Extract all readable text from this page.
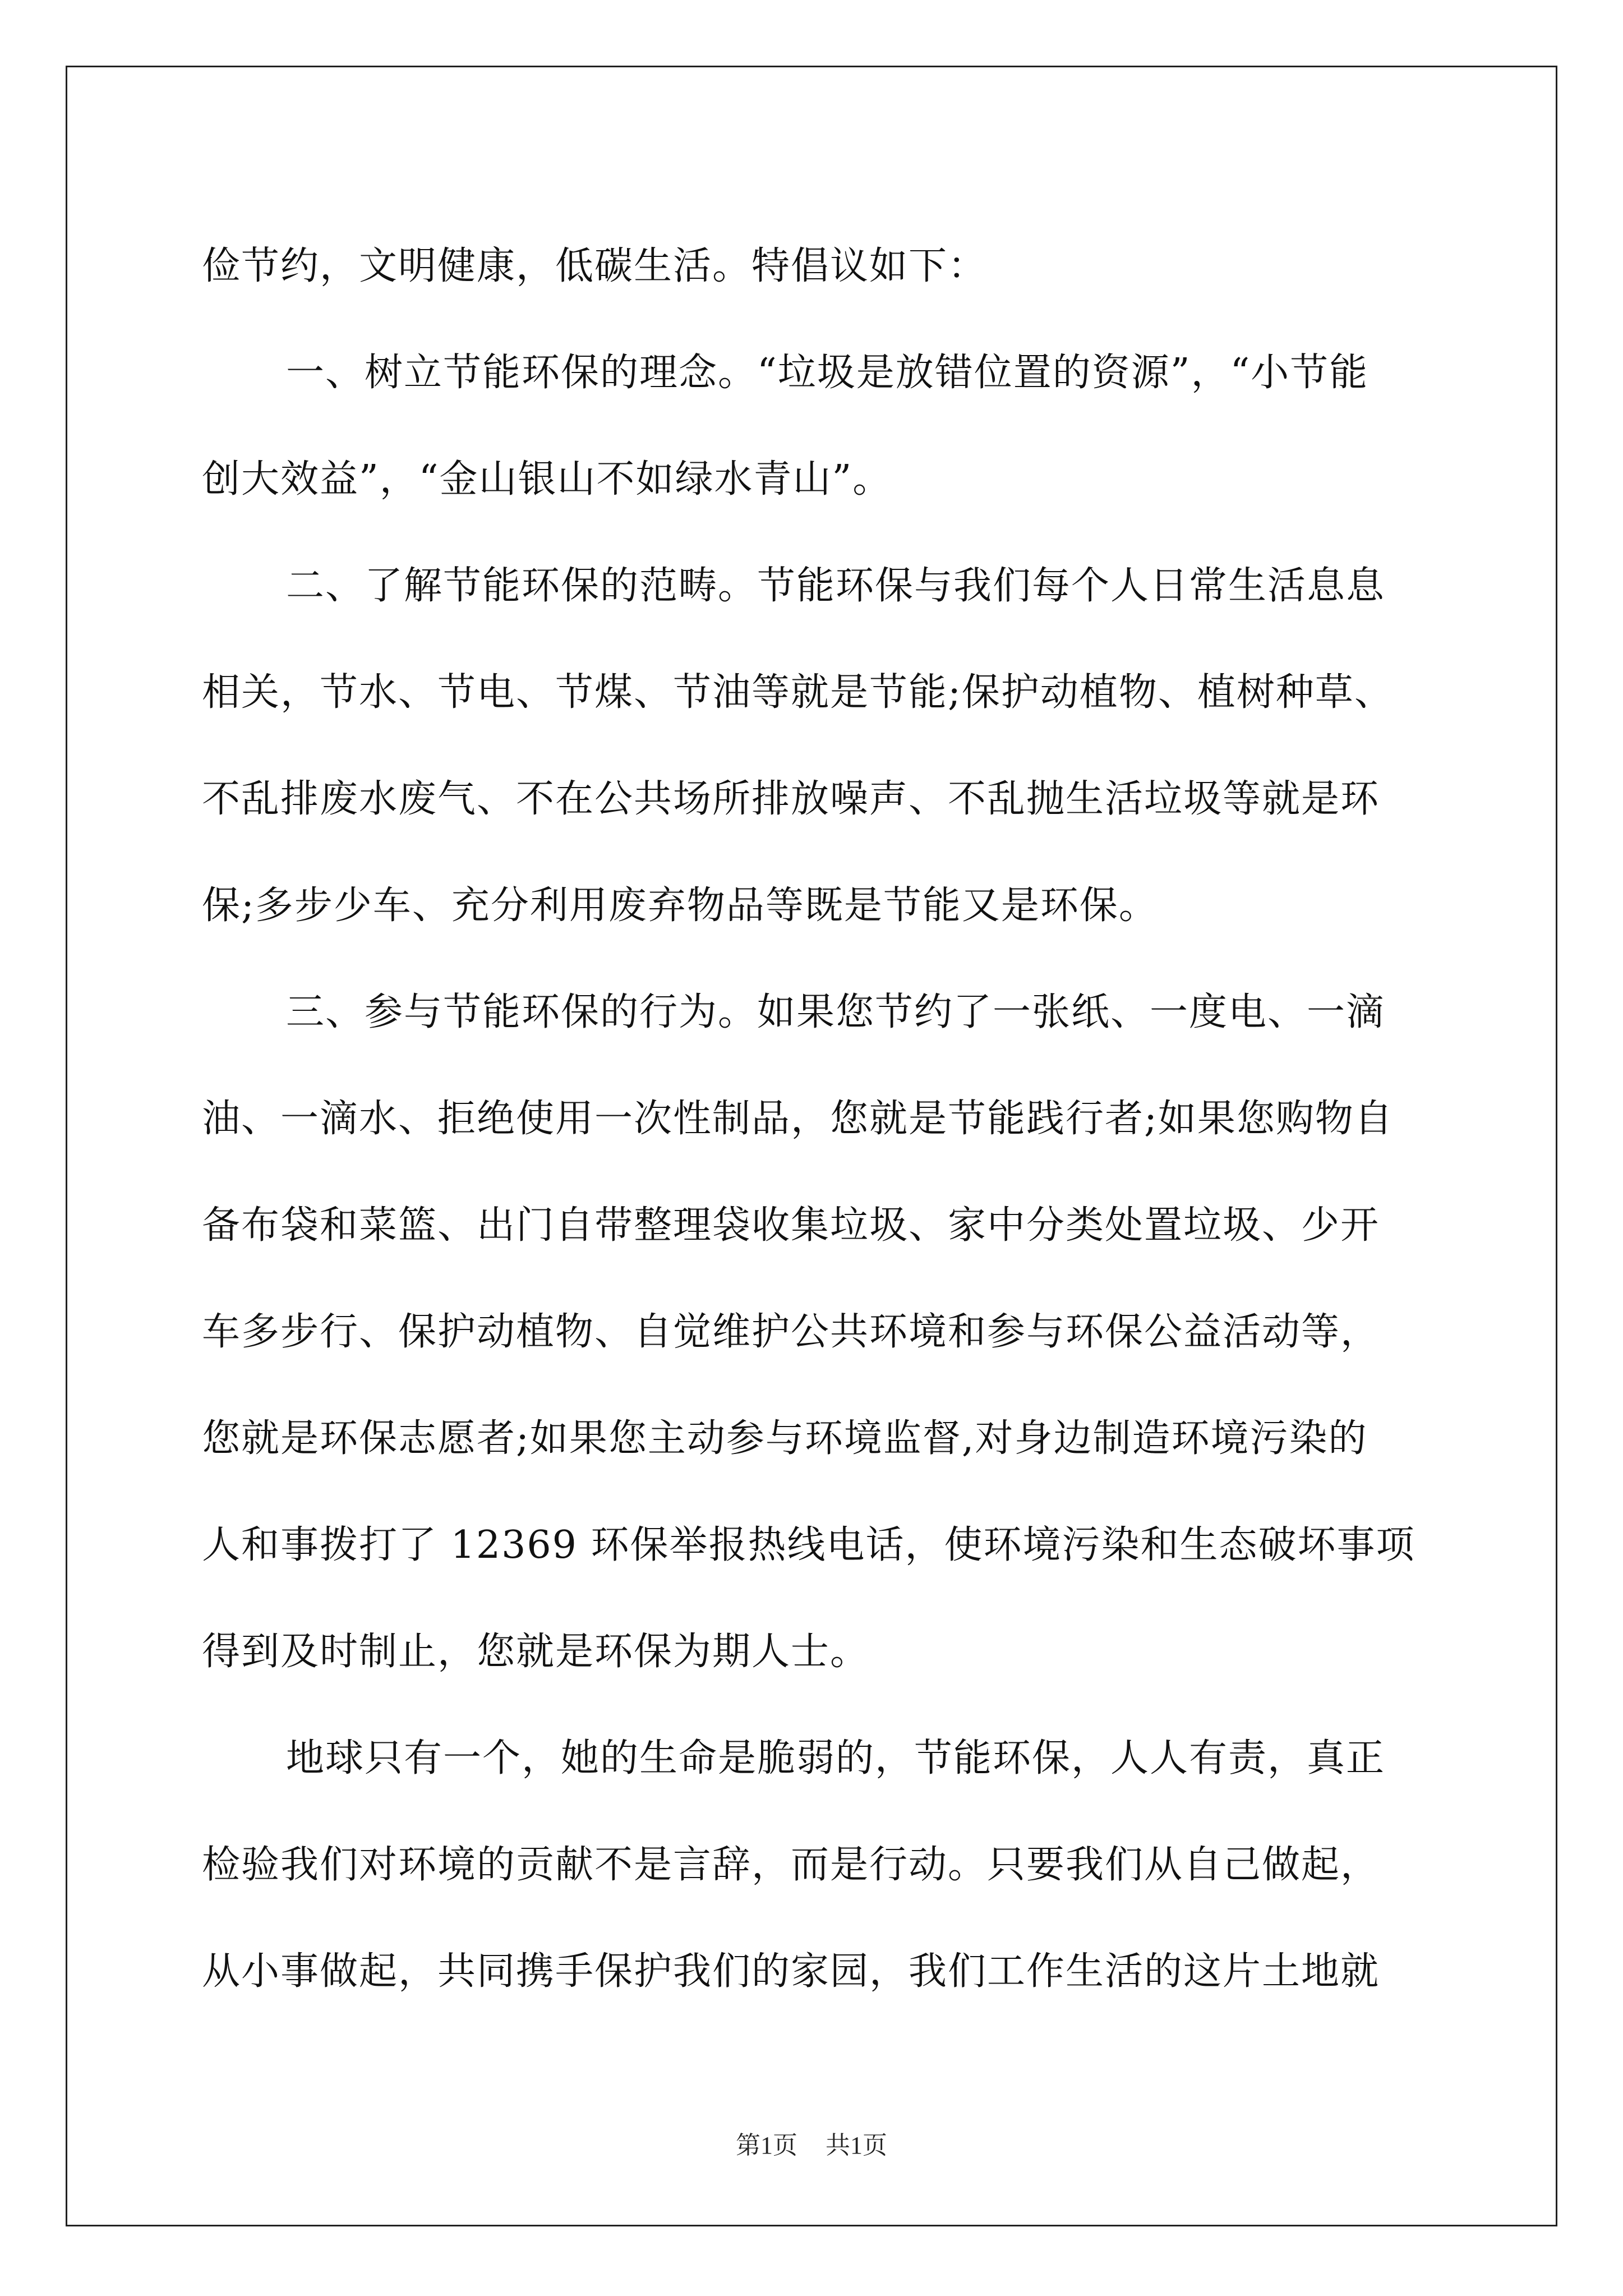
俭节约，文明健康，低碳生活。特倡议如下：
一、树立节能环保的理念。“垃圾是放错位置的资源”，“小节能
创大效益”，“金山银山不如绿水青山”。
二、了解节能环保的范畴。节能环保与我们每个人日常生活息息
相关，节水、节电、节煤、节油等就是节能;保护动植物、植树种草、
不乱排废水废气、不在公共场所排放噪声、不乱抛生活垃圾等就是环
保;多步少车、充分利用废弃物品等既是节能又是环保。
三、参与节能环保的行为。如果您节约了一张纸、一度电、一滴
油、一滴水、拒绝使用一次性制品，您就是节能践行者;如果您购物自
备布袋和菜篮、出门自带整理袋收集垃圾、家中分类处置垃圾、少开
车多步行、保护动植物、自觉维护公共环境和参与环保公益活动等，
您就是环保志愿者;如果您主动参与环境监督,对身边制造环境污染的
人和事拨打了 12369 环保举报热线电话，使环境污染和生态破坏事项
得到及时制止，您就是环保为期人士。
地球只有一个，她的生命是脆弱的，节能环保，人人有责，真正
检验我们对环境的贡献不是言辞，而是行动。只要我们从自己做起，
从小事做起，共同携手保护我们的家园，我们工作生活的这片土地就
第1页 共1页
